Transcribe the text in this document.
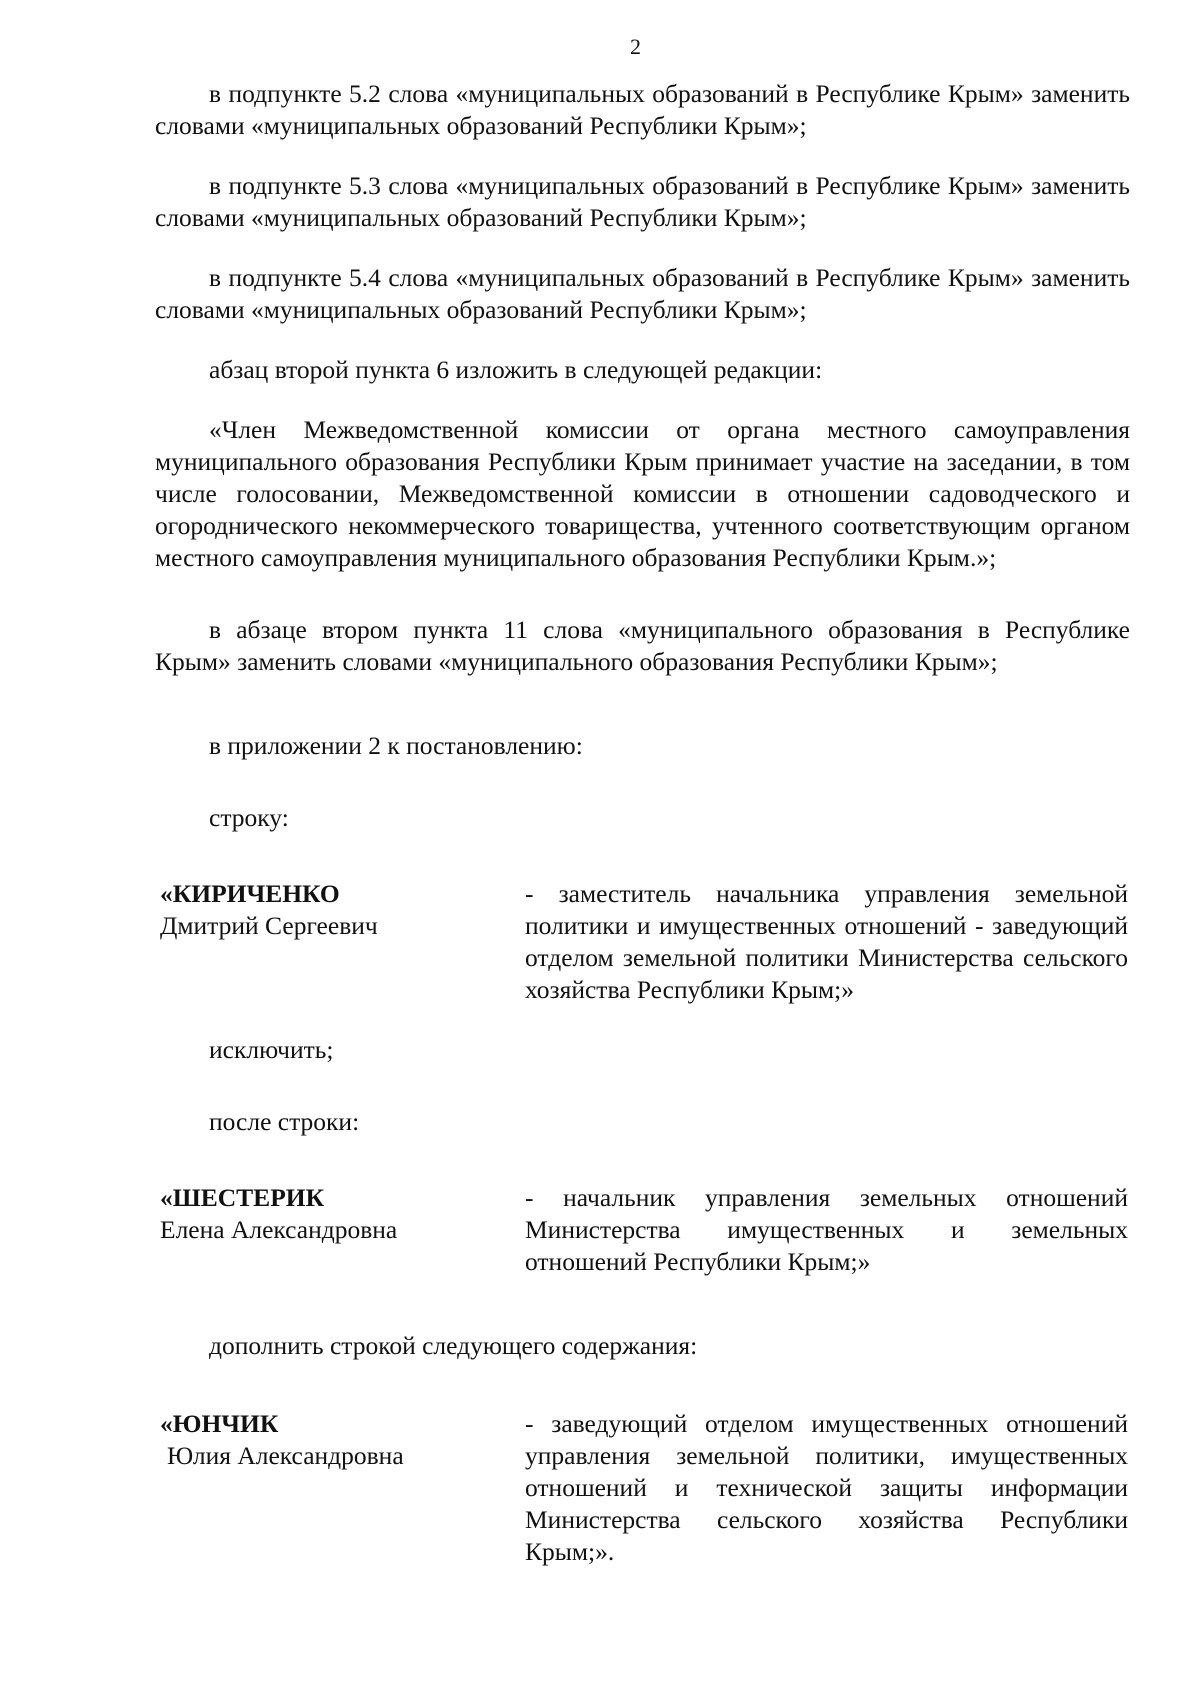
2

в подпункте 5.2 слова «муниципальных образований в Республике Крым» заменить словами «муниципальных образований Республики Крым»;

в подпункте 5.3 слова «муниципальных образований в Республике Крым» заменить словами «муниципальных образований Республики Крым»;

в подпункте 5.4 слова «муниципальных образований в Республике Крым» заменить словами «муниципальных образований Республики Крым»;

абзац второй пункта 6 изложить в следующей редакции:

«Член Межведомственной комиссии от органа местного самоуправления муниципального образования Республики Крым принимает участие на заседании, в том числе голосовании, Межведомственной комиссии в отношении садоводческого и огороднического некоммерческого товарищества, учтенного соответствующим органом местного самоуправления муниципального образования Республики Крым.»;

в абзаце втором пункта 11 слова «муниципального образования в Республике Крым» заменить словами «муниципального образования Республики Крым»;

в приложении 2 к постановлению:

строку:

«КИРИЧЕНКО
Дмитрий Сергеевич
- заместитель начальника управления земельной политики и имущественных отношений - заведующий отделом земельной политики Министерства сельского хозяйства Республики Крым;»

исключить;

после строки:

«ШЕСТЕРИК
Елена Александровна
- начальник управления земельных отношений Министерства имущественных и земельных отношений Республики Крым;»

дополнить строкой следующего содержания:

«ЮНЧИК
Юлия Александровна
- заведующий отделом имущественных отношений управления земельной политики, имущественных отношений и технической защиты информации Министерства сельского хозяйства Республики Крым;».
